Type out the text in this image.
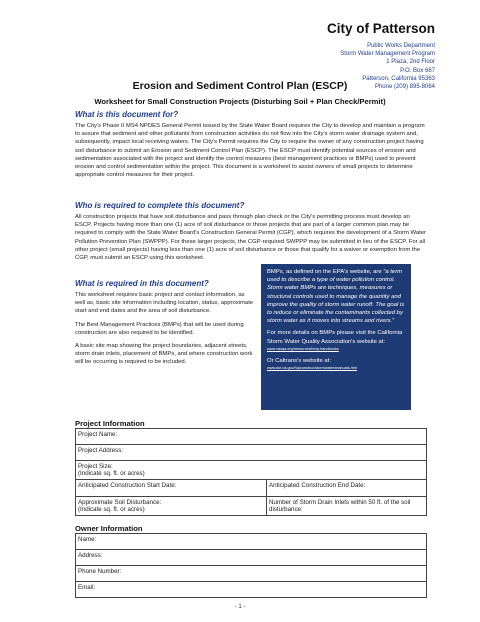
City of Patterson
Public Works Department
Storm Water Management Program
1 Plaza, 2nd Floor
P.O. Box 667
Patterson, California 95363
Phone (209) 895-8064
Erosion and Sediment Control Plan (ESCP)
Worksheet for Small Construction Projects (Disturbing Soil + Plan Check/Permit)
What is this document for?
The City's Phase II MS4 NPDES General Permit issued by the State Water Board requires the City to develop and maintain a program to assure that sediment and other pollutants from construction activities do not flow into the City's storm water drainage system and, subsequently, impact local receiving waters. The City's Permit requires the City to require the owner of any construction project having soil disturbance to submit an Erosion and Sediment Control Plan (ESCP). The ESCP must identify potential sources of erosion and sedimentation associated with the project and identify the control measures (best management practices or BMPs) used to prevent erosion and control sedimentation within the project. This document is a worksheet to assist owners of small projects to determine appropriate control measures for their project.
Who is required to complete this document?
All construction projects that have soil disturbance and pass through plan check or the City's permitting process must develop an ESCP. Projects having more than one (1) acre of soil disturbance or those projects that are part of a larger common plan may be required to comply with the State Water Board's Construction General Permit (CGP), which requires the development of a Storm Water Pollution Prevention Plan (SWPPP). For these larger projects, the CGP-required SWPPP may be submitted in lieu of the ESCP. For all other project (small projects) having less than one (1) acre of soil disturbance or those that qualify for a waiver or exemption from the CGP, must submit an ESCP using this worksheet.
What is required in this document?

This worksheet requires basic project and contact information, as well as, basic site information including location, status, approximate start and end dates and the area of soil disturbance.

The Best Management Practices (BMPs) that will be used during construction are also required to be identified.

A basic site map showing the project boundaries, adjacent streets, storm drain inlets, placement of BMPs, and where construction work will be occurring is required to be included.

BMPs, as defined on the EPA's website, are "a term used to describe a type of water pollution control. Storm water BMPs are techniques, measures or structural controls used to manage the quantity and improve the quality of storm water runoff. The goal is to reduce or eliminate the contaminants collected by storm water as it moves into streams and rivers."
For more details on BMPs please visit the California Storm Water Quality Association's website at:
www.casqa.org/resources/bmp-handbooks
Or Caltrans's website at:
www.dot.ca.gov/hq/construc/stormwater/manuals.htm
Project Information
Project Name:	
Project Address:	

Project Size:
(Indicate sq. ft. or acres)	

Anticipated Construction Start Date:	Anticipated Construction End Date:

Approximate Soil Disturbance:
(Indicate sq. ft. or acres)	Number of Storm Drain Inlets within 50 ft. of the soil disturbance:
Owner Information
Name:
Address:
Phone Number:
Email:
- 1 -
